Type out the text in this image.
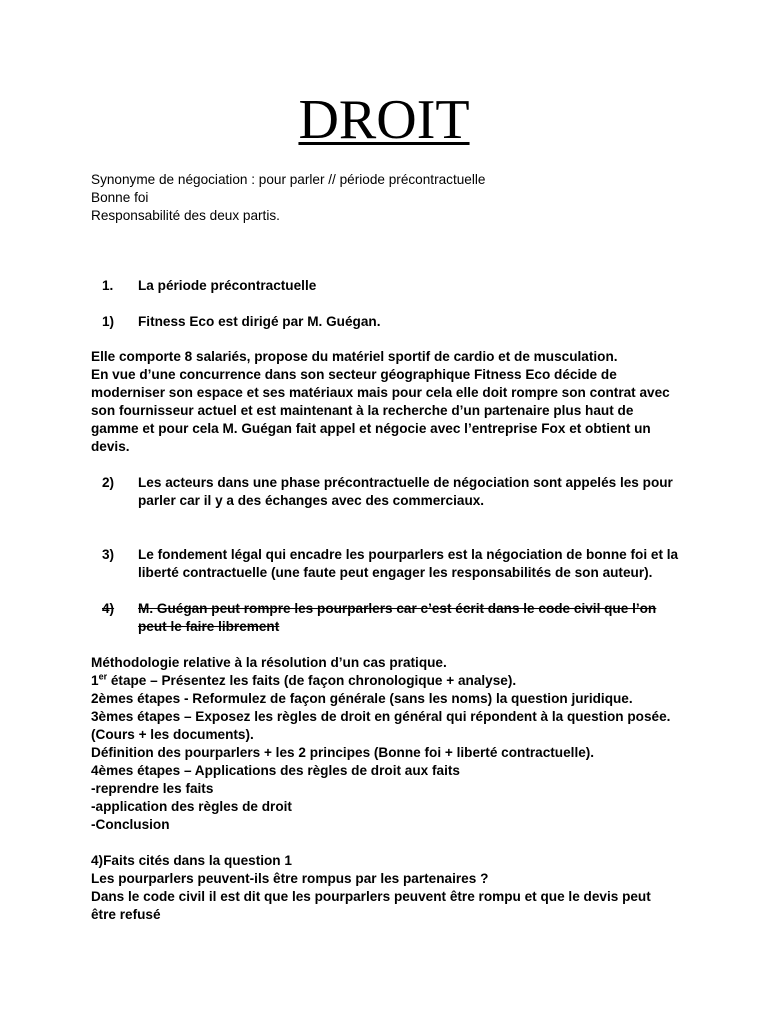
DROIT
Synonyme de négociation : pour parler // période précontractuelle
Bonne foi
Responsabilité des deux partis.
1.	La période précontractuelle
1)	Fitness Eco est dirigé par M. Guégan.
Elle comporte 8 salariés, propose du matériel sportif de cardio et de musculation.
En vue d’une concurrence dans son secteur géographique Fitness Eco décide de
moderniser son espace et ses matériaux mais pour cela elle doit rompre son contrat avec
son fournisseur actuel et est maintenant à la recherche d’un partenaire plus haut de
gamme et pour cela M. Guégan fait appel et négocie avec l’entreprise Fox et obtient un
devis.
2)	Les acteurs dans une phase précontractuelle de négociation sont appelés les pour
parler car il y a des échanges avec des commerciaux.
3)	Le fondement légal qui encadre les pourparlers est la négociation de bonne foi et la
liberté contractuelle (une faute peut engager les responsabilités de son auteur).
4)	M. Guégan peut rompre les pourparlers car c’est écrit dans le code civil que l’on
peut le faire librement
Méthodologie relative à la résolution d’un cas pratique.
1er étape – Présentez les faits (de façon chronologique + analyse).
2èmes étapes - Reformulez de façon générale (sans les noms) la question juridique.
3èmes étapes – Exposez les règles de droit en général qui répondent à la question posée.
(Cours + les documents).
Définition des pourparlers + les 2 principes (Bonne foi + liberté contractuelle).
4èmes étapes – Applications des règles de droit aux faits
-reprendre les faits
-application des règles de droit
-Conclusion
4)Faits cités dans la question 1
Les pourparlers peuvent-ils être rompus par les partenaires ?
Dans le code civil il est dit que les pourparlers peuvent être rompu et que le devis peut
être refusé
